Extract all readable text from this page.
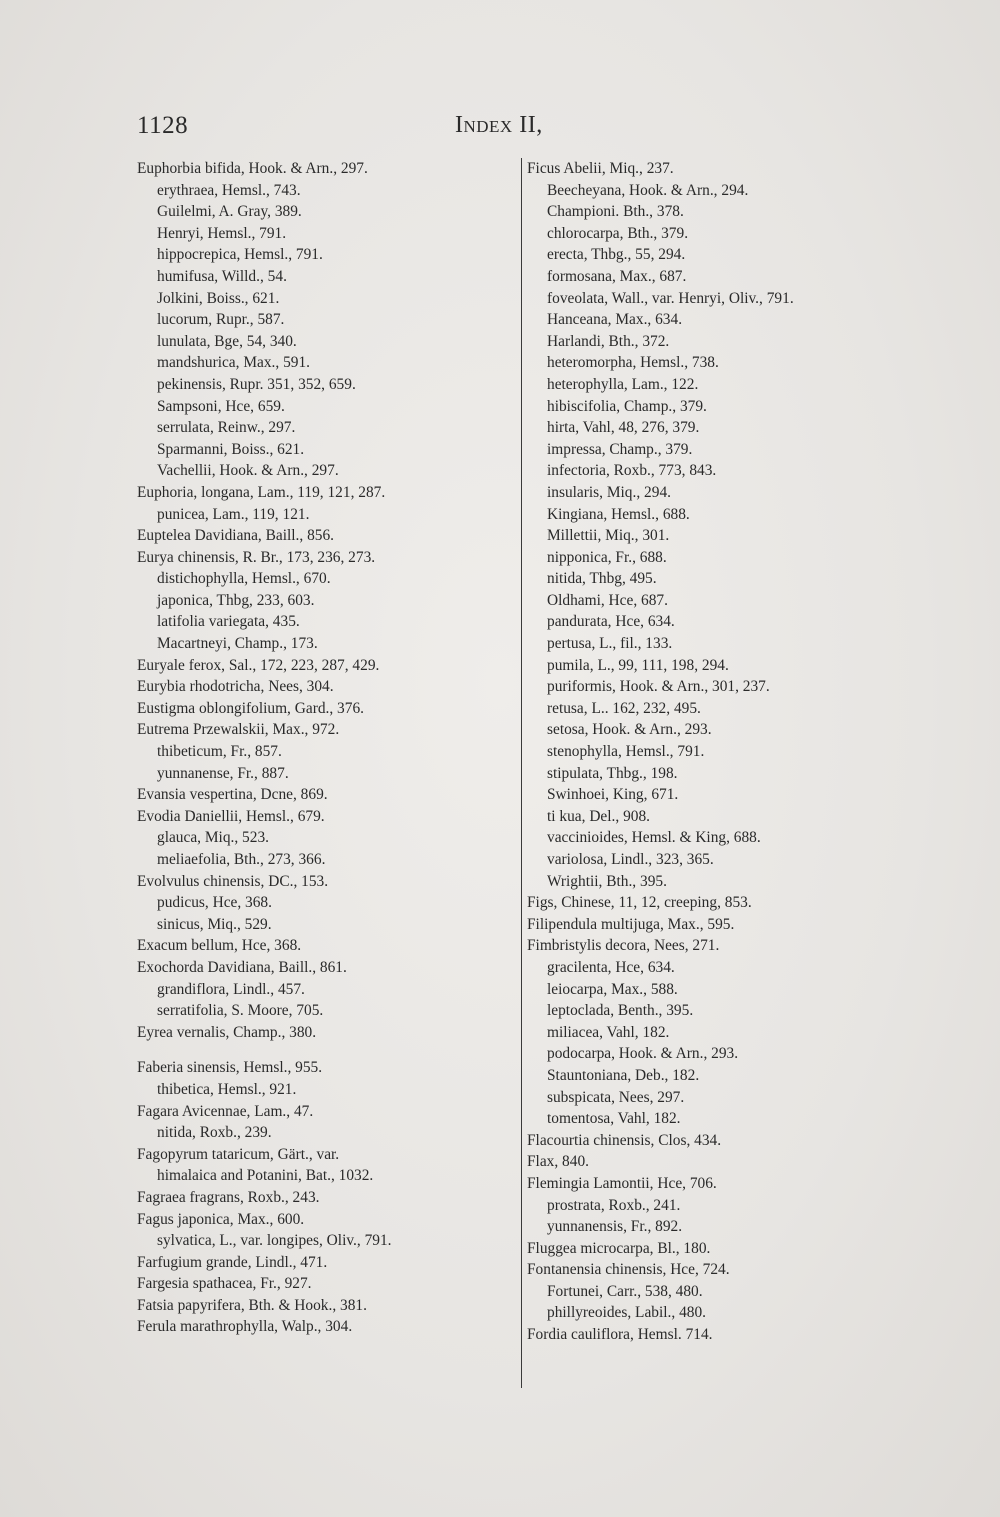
1128	Index II,
Euphorbia bifida, Hook. & Arn., 297.
erythraea, Hemsl., 743.
Guilelmi, A. Gray, 389.
Henryi, Hemsl., 791.
hippocrepica, Hemsl., 791.
humifusa, Willd., 54.
Jolkini, Boiss., 621.
lucorum, Rupr., 587.
lunulata, Bge, 54, 340.
mandshurica, Max., 591.
pekinensis, Rupr. 351, 352, 659.
Sampsoni, Hce, 659.
serrulata, Reinw., 297.
Sparmanni, Boiss., 621.
Vachellii, Hook. & Arn., 297.
Euphoria, longana, Lam., 119, 121, 287.
punicea, Lam., 119, 121.
Euptelea Davidiana, Baill., 856.
Eurya chinensis, R. Br., 173, 236, 273.
distichophylla, Hemsl., 670.
japonica, Thbg, 233, 603.
latifolia variegata, 435.
Macartneyi, Champ., 173.
Euryale ferox, Sal., 172, 223, 287, 429.
Eurybia rhodotricha, Nees, 304.
Eustigma oblongifolium, Gard., 376.
Eutrema Przewalskii, Max., 972.
thibeticum, Fr., 857.
yunnanense, Fr., 887.
Evansia vespertina, Dcne, 869.
Evodia Daniellii, Hemsl., 679.
glauca, Miq., 523.
meliaefolia, Bth., 273, 366.
Evolvulus chinensis, DC., 153.
pudicus, Hce, 368.
sinicus, Miq., 529.
Exacum bellum, Hce, 368.
Exochorda Davidiana, Baill., 861.
grandiflora, Lindl., 457.
serratifolia, S. Moore, 705.
Eyrea vernalis, Champ., 380.
Faberia sinensis, Hemsl., 955.
thibetica, Hemsl., 921.
Fagara Avicennae, Lam., 47.
nitida, Roxb., 239.
Fagopyrum tataricum, Gärt., var.
himalaica and Potanini, Bat., 1032.
Fagraea fragrans, Roxb., 243.
Fagus japonica, Max., 600.
sylvatica, L., var. longipes, Oliv., 791.
Farfugium grande, Lindl., 471.
Fargesia spathacea, Fr., 927.
Fatsia papyrifera, Bth. & Hook., 381.
Ferula marathrophylla, Walp., 304.
Ficus Abelii, Miq., 237.
Beecheyana, Hook. & Arn., 294.
Championi. Bth., 378.
chlorocarpa, Bth., 379.
erecta, Thbg., 55, 294.
formosana, Max., 687.
foveolata, Wall., var. Henryi, Oliv., 791.
Hanceana, Max., 634.
Harlandi, Bth., 372.
heteromorpha, Hemsl., 738.
heterophylla, Lam., 122.
hibiscifolia, Champ., 379.
hirta, Vahl, 48, 276, 379.
impressa, Champ., 379.
infectoria, Roxb., 773, 843.
insularis, Miq., 294.
Kingiana, Hemsl., 688.
Millettii, Miq., 301.
nipponica, Fr., 688.
nitida, Thbg, 495.
Oldhami, Hce, 687.
pandurata, Hce, 634.
pertusa, L., fil., 133.
pumila, L., 99, 111, 198, 294.
puriformis, Hook. & Arn., 301, 237.
retusa, L.. 162, 232, 495.
setosa, Hook. & Arn., 293.
stenophylla, Hemsl., 791.
stipulata, Thbg., 198.
Swinhoei, King, 671.
ti kua, Del., 908.
vaccinioides, Hemsl. & King, 688.
variolosa, Lindl., 323, 365.
Wrightii, Bth., 395.
Figs, Chinese, 11, 12, creeping, 853.
Filipendula multijuga, Max., 595.
Fimbristylis decora, Nees, 271.
gracilenta, Hce, 634.
leiocarpa, Max., 588.
leptoclada, Benth., 395.
miliacea, Vahl, 182.
podocarpa, Hook. & Arn., 293.
Stauntoniana, Deb., 182.
subspicata, Nees, 297.
tomentosa, Vahl, 182.
Flacourtia chinensis, Clos, 434.
Flax, 840.
Flemingia Lamontii, Hce, 706.
prostrata, Roxb., 241.
yunnanensis, Fr., 892.
Fluggea microcarpa, Bl., 180.
Fontanensia chinensis, Hce, 724.
Fortunei, Carr., 538, 480.
phillyreoides, Labil., 480.
Fordia cauliflora, Hemsl. 714.
